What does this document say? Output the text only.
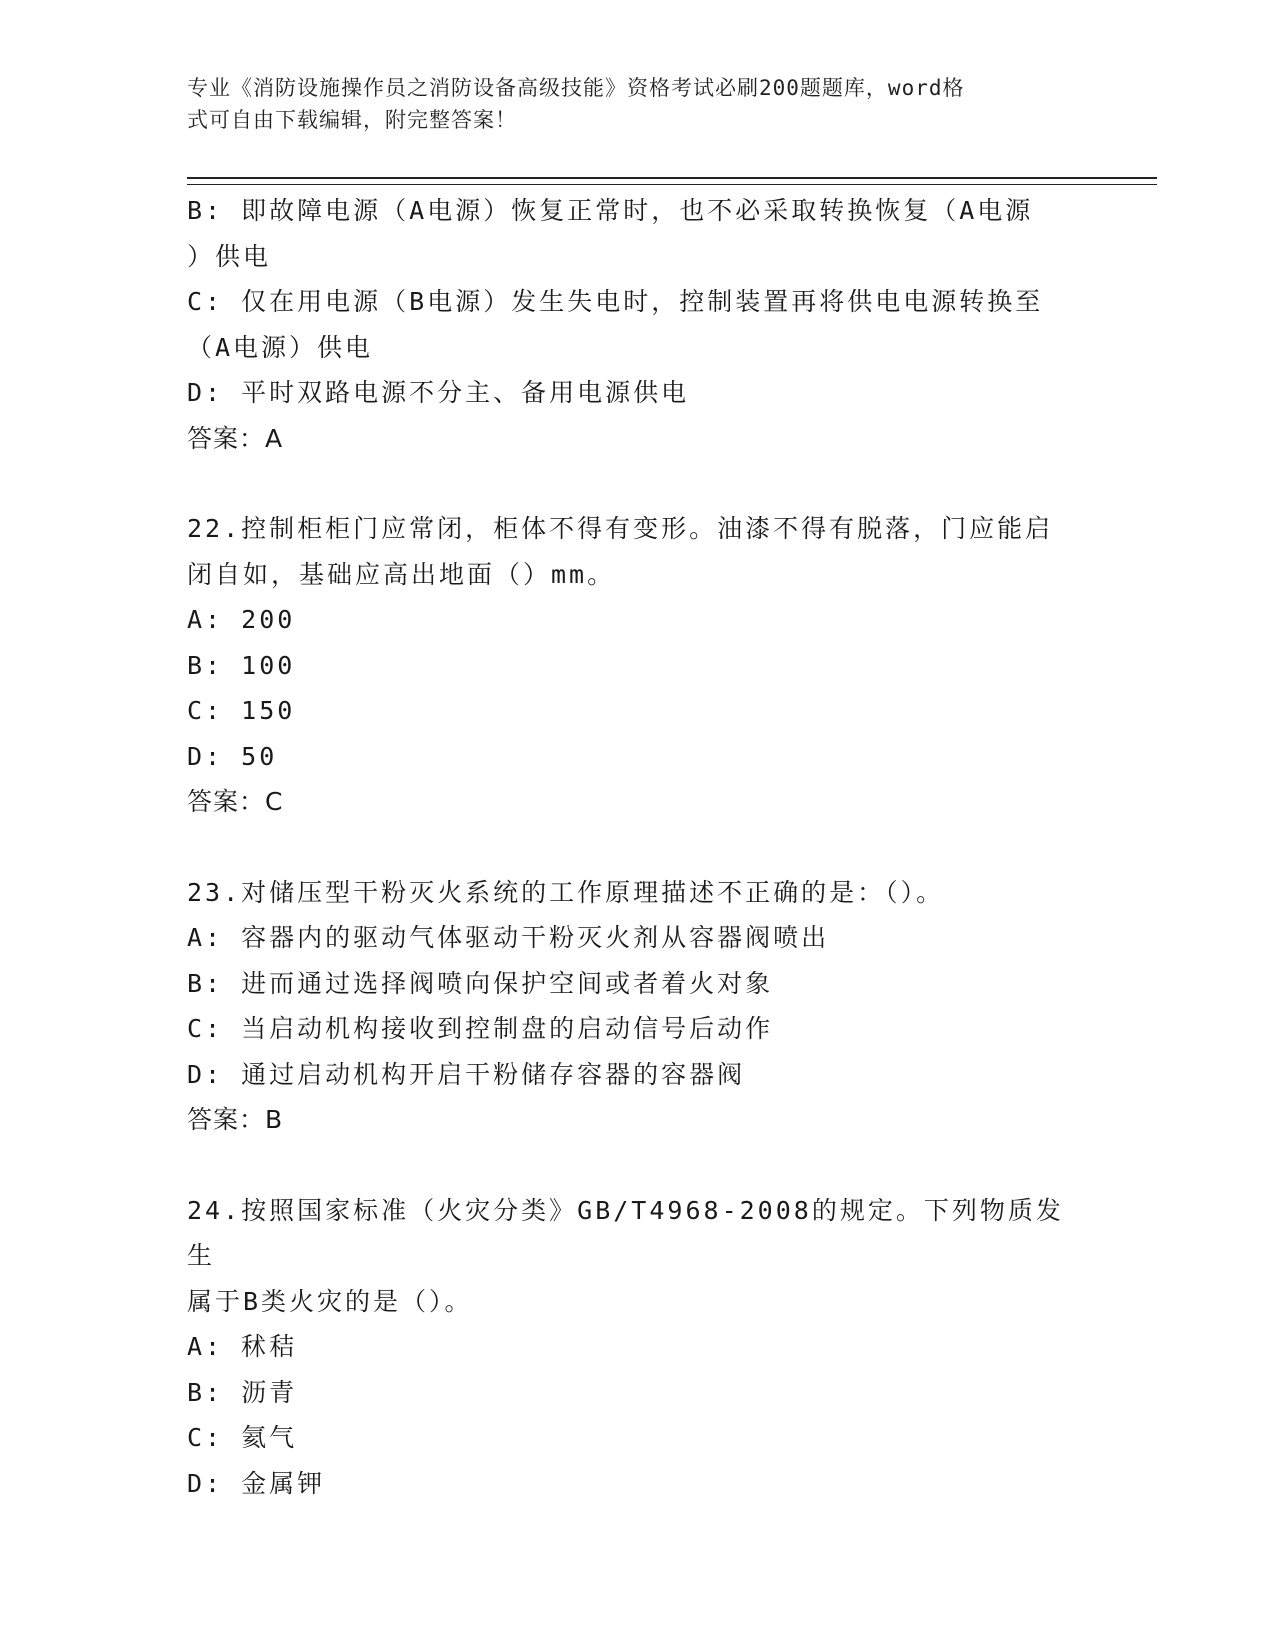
专业《消防设施操作员之消防设备高级技能》资格考试必刷200题题库，word格
式可自由下载编辑，附完整答案！
B: 即故障电源（A电源）恢复正常时，也不必采取转换恢复（A电源
）供电
C: 仅在用电源（B电源）发生失电时，控制装置再将供电电源转换至
（A电源）供电
D: 平时双路电源不分主、备用电源供电
答案：A
22.控制柜柜门应常闭，柜体不得有变形。油漆不得有脱落，门应能启
闭自如，基础应高出地面（）mm。
A: 200
B: 100
C: 150
D: 50
答案：C
23.对储压型干粉灭火系统的工作原理描述不正确的是：（）。
A: 容器内的驱动气体驱动干粉灭火剂从容器阀喷出
B: 进而通过选择阀喷向保护空间或者着火对象
C: 当启动机构接收到控制盘的启动信号后动作
D: 通过启动机构开启干粉储存容器的容器阀
答案：B
24.按照国家标准（火灾分类》GB/T4968-2008的规定。下列物质发生
属于B类火灾的是（）。
A: 秫秸
B: 沥青
C: 氦气
D: 金属钾
